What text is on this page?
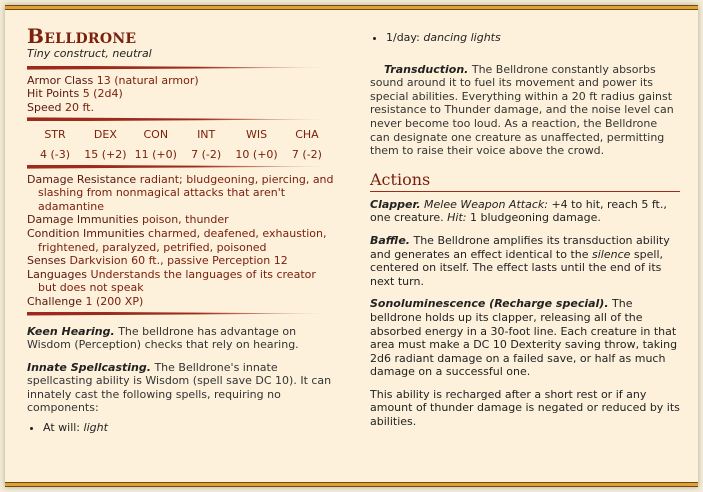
Belldrone
Tiny construct, neutral
Armor Class 13 (natural armor)
Hit Points 5 (2d4)
Speed 20 ft.
STR
4 (-3)
DEX
15 (+2)
CON
11 (+0)
INT
7 (-2)
WIS
10 (+0)
CHA
7 (-2)
Damage Resistance radiant; bludgeoning, piercing, and slashing from nonmagical attacks that aren't adamantine
Damage Immunities poison, thunder
Condition Immunities charmed, deafened, exhaustion, frightened, paralyzed, petrified, poisoned
Senses Darkvision 60 ft., passive Perception 12
Languages Understands the languages of its creator but does not speak
Challenge 1 (200 XP)
Keen Hearing. The belldrone has advantage on Wisdom (Perception) checks that rely on hearing.
Innate Spellcasting. The Belldrone's innate spellcasting ability is Wisdom (spell save DC 10). It can innately cast the following spells, requiring no components:
• At will: light
• 1/day: dancing lights
Transduction. The Belldrone constantly absorbs sound around it to fuel its movement and power its special abilities. Everything within a 20 ft radius gainst resistance to Thunder damage, and the noise level can never become too loud. As a reaction, the Belldrone can designate one creature as unaffected, permitting them to raise their voice above the crowd.
Actions
Clapper. Melee Weapon Attack: +4 to hit, reach 5 ft., one creature. Hit: 1 bludgeoning damage.
Baffle. The Belldrone amplifies its transduction ability and generates an effect identical to the silence spell, centered on itself. The effect lasts until the end of its next turn.
Sonoluminescence (Recharge special). The belldrone holds up its clapper, releasing all of the absorbed energy in a 30-foot line. Each creature in that area must make a DC 10 Dexterity saving throw, taking 2d6 radiant damage on a failed save, or half as much damage on a successful one.
This ability is recharged after a short rest or if any amount of thunder damage is negated or reduced by its abilities.
